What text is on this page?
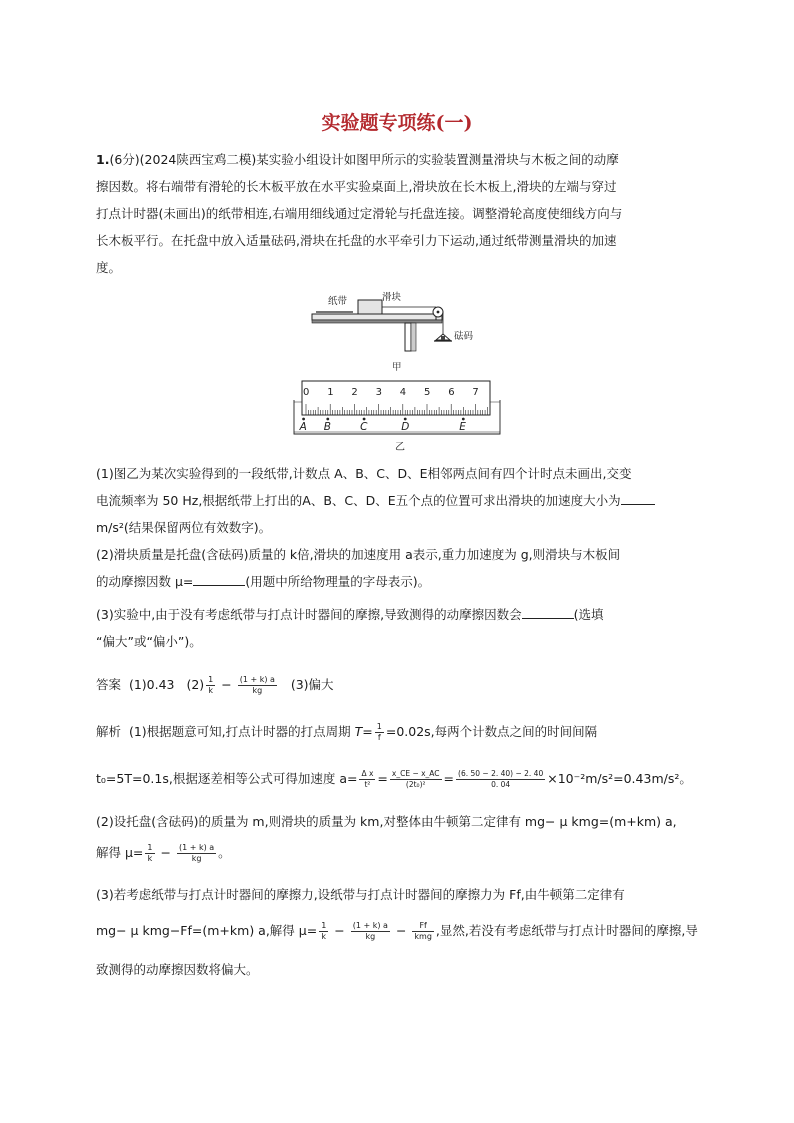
实验题专项练(一)
1.(6分)(2024陕西宝鸡二模)某实验小组设计如图甲所示的实验装置测量滑块与木板之间的动摩
擦因数。将右端带有滑轮的长木板平放在水平实验桌面上,滑块放在长木板上,滑块的左端与穿过
打点计时器(未画出)的纸带相连,右端用细线通过定滑轮与托盘连接。调整滑轮高度使细线方向与
长木板平行。在托盘中放入适量砝码,滑块在托盘的水平牵引力下运动,通过纸带测量滑块的加速
度。
纸带	滑块
砝码
甲
0 1 2 3 4 5 6 7
A B	C	D	E
乙
(1)图乙为某次实验得到的一段纸带,计数点 A、B、C、D、E相邻两点间有四个计时点未画出,交变
电流频率为 50 Hz,根据纸带上打出的A、B、C、D、E五个点的位置可求出滑块的加速度大小为
m/s²(结果保留两位有效数字)。
(2)滑块质量是托盘(含砝码)质量的 k倍,滑块的加速度用 a表示,重力加速度为 g,则滑块与木板间
的动摩擦因数 μ=	(用题中所给物理量的字母表示)。
(3)实验中,由于没有考虑纸带与打点计时器间的摩擦,导致测得的动摩擦因数会	(选填
“偏大”或“偏小”)。
答案 (1)0.43 $(2) \frac{1}{k} - \frac{(1 + k) a}{kg} (3)$偏大
解析 (1)根据题意可知,打点计时器的打点周期 $T= \frac{1}{f} =0.02s$,每两个计数点之间的时间间隔
t₀=5T=0.1s,根据逐差相等公式可得加速度 $a= \frac{\text{Δ x}}{\text{t²}} = \frac{x\_CE - x\_AC}{\text{(2t₀)²}} = \frac{(6. 50 - 2. 40) - 2. 40}{0. 04} \times 10^{-2}m/s^2=0.43m/s^2$。
(2)设托盘(含砝码)的质量为 m,则滑块的质量为 km,对整体由牛顿第二定律有 mg− μ kmg=(m+km) a,
解得 $\mu= \frac{1}{k} - \frac{(1 + k) a}{kg}$ 。
(3)若考虑纸带与打点计时器间的摩擦力,设纸带与打点计时器间的摩擦力为 Ff,由牛顿第二定律有
mg− μ kmg−Ff=(m+km) a,解得 $\mu= \frac{1}{k} - \frac{(1 + k) a}{kg} - \frac{Ff}{\text{kmg}}$ ,显然,若没有考虑纸带与打点计时器间的摩擦,导
致测得的动摩擦因数将偏大。
